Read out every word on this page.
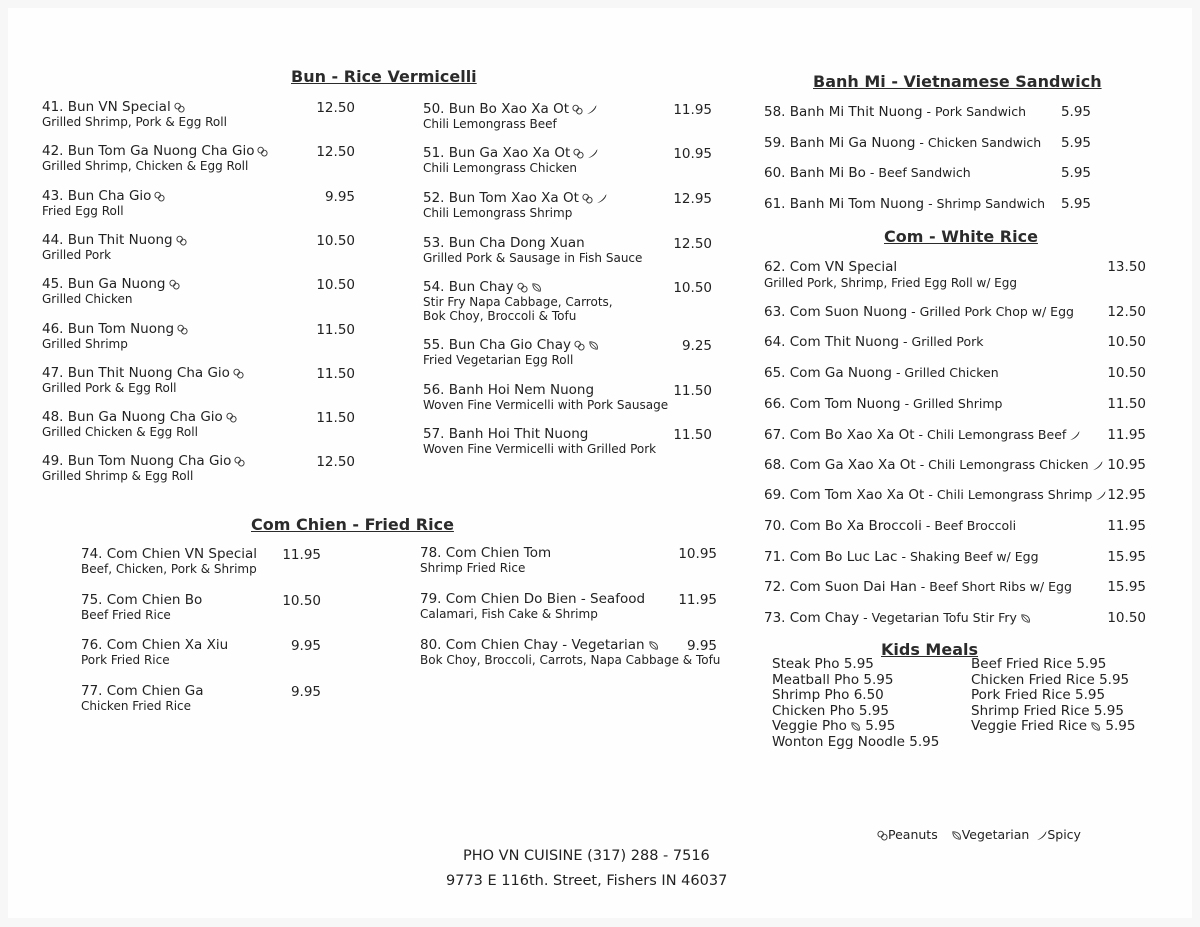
Bun - Rice Vermicelli
41. Bun VN Special
Grilled Shrimp, Pork & Egg Roll
12.50
42. Bun Tom Ga Nuong Cha Gio
Grilled Shrimp, Chicken & Egg Roll
12.50
43. Bun Cha Gio
Fried Egg Roll
9.95
44. Bun Thit Nuong
Grilled Pork
10.50
45. Bun Ga Nuong
Grilled Chicken
10.50
46. Bun Tom Nuong
Grilled Shrimp
11.50
47. Bun Thit Nuong Cha Gio
Grilled Pork & Egg Roll
11.50
48. Bun Ga Nuong Cha Gio
Grilled Chicken & Egg Roll
11.50
49. Bun Tom Nuong Cha Gio
Grilled Shrimp & Egg Roll
12.50
50. Bun Bo Xao Xa Ot
Chili Lemongrass Beef
11.95
51. Bun Ga Xao Xa Ot
Chili Lemongrass Chicken
10.95
52. Bun Tom Xao Xa Ot
Chili Lemongrass Shrimp
12.95
53. Bun Cha Dong Xuan
Grilled Pork & Sausage in Fish Sauce
12.50
54. Bun Chay
Stir Fry Napa Cabbage, Carrots,
Bok Choy, Broccoli & Tofu
10.50
55. Bun Cha Gio Chay
Fried Vegetarian Egg Roll
9.25
56. Banh Hoi Nem Nuong
Woven Fine Vermicelli with Pork Sausage
11.50
57. Banh Hoi Thit Nuong
Woven Fine Vermicelli with Grilled Pork
11.50
Com Chien - Fried Rice
74. Com Chien VN Special
Beef, Chicken, Pork & Shrimp
11.95
75. Com Chien Bo
Beef Fried Rice
10.50
76. Com Chien Xa Xiu
Pork Fried Rice
9.95
77. Com Chien Ga
Chicken Fried Rice
9.95
78. Com Chien Tom
Shrimp Fried Rice
10.95
79. Com Chien Do Bien - Seafood
Calamari, Fish Cake & Shrimp
11.95
80. Com Chien Chay - Vegetarian
Bok Choy, Broccoli, Carrots, Napa Cabbage & Tofu
9.95
Banh Mi - Vietnamese Sandwich
58. Banh Mi Thit Nuong - Pork Sandwich	5.95
59. Banh Mi Ga Nuong - Chicken Sandwich 5.95
60. Banh Mi Bo - Beef Sandwich	5.95
61. Banh Mi Tom Nuong - Shrimp Sandwich 5.95
Com - White Rice
62. Com VN Special
Grilled Pork, Shrimp, Fried Egg Roll w/ Egg
13.50
63. Com Suon Nuong - Grilled Pork Chop w/ Egg 12.50
64. Com Thit Nuong - Grilled Pork	10.50
65. Com Ga Nuong - Grilled Chicken	10.50
66. Com Tom Nuong - Grilled Shrimp	11.50
67. Com Bo Xao Xa Ot - Chili Lemongrass Beef	11.95
68. Com Ga Xao Xa Ot - Chili Lemongrass Chicken	10.95
69. Com Tom Xao Xa Ot - Chili Lemongrass Shrimp	12.95
70. Com Bo Xa Broccoli - Beef Broccoli	11.95
71. Com Bo Luc Lac - Shaking Beef w/ Egg	15.95
72. Com Suon Dai Han - Beef Short Ribs w/ Egg	15.95
73. Com Chay - Vegetarian Tofu Stir Fry	10.50
Kids Meals
Steak Pho 5.95
Meatball Pho 5.95
Shrimp Pho 6.50
Chicken Pho 5.95
Veggie Pho 5.95
Wonton Egg Noodle 5.95
Beef Fried Rice 5.95
Chicken Fried Rice 5.95
Pork Fried Rice 5.95
Shrimp Fried Rice 5.95
Veggie Fried Rice 5.95
Peanuts Vegetarian Spicy
PHO VN CUISINE (317) 288 - 7516
9773 E 116th. Street, Fishers IN 46037
